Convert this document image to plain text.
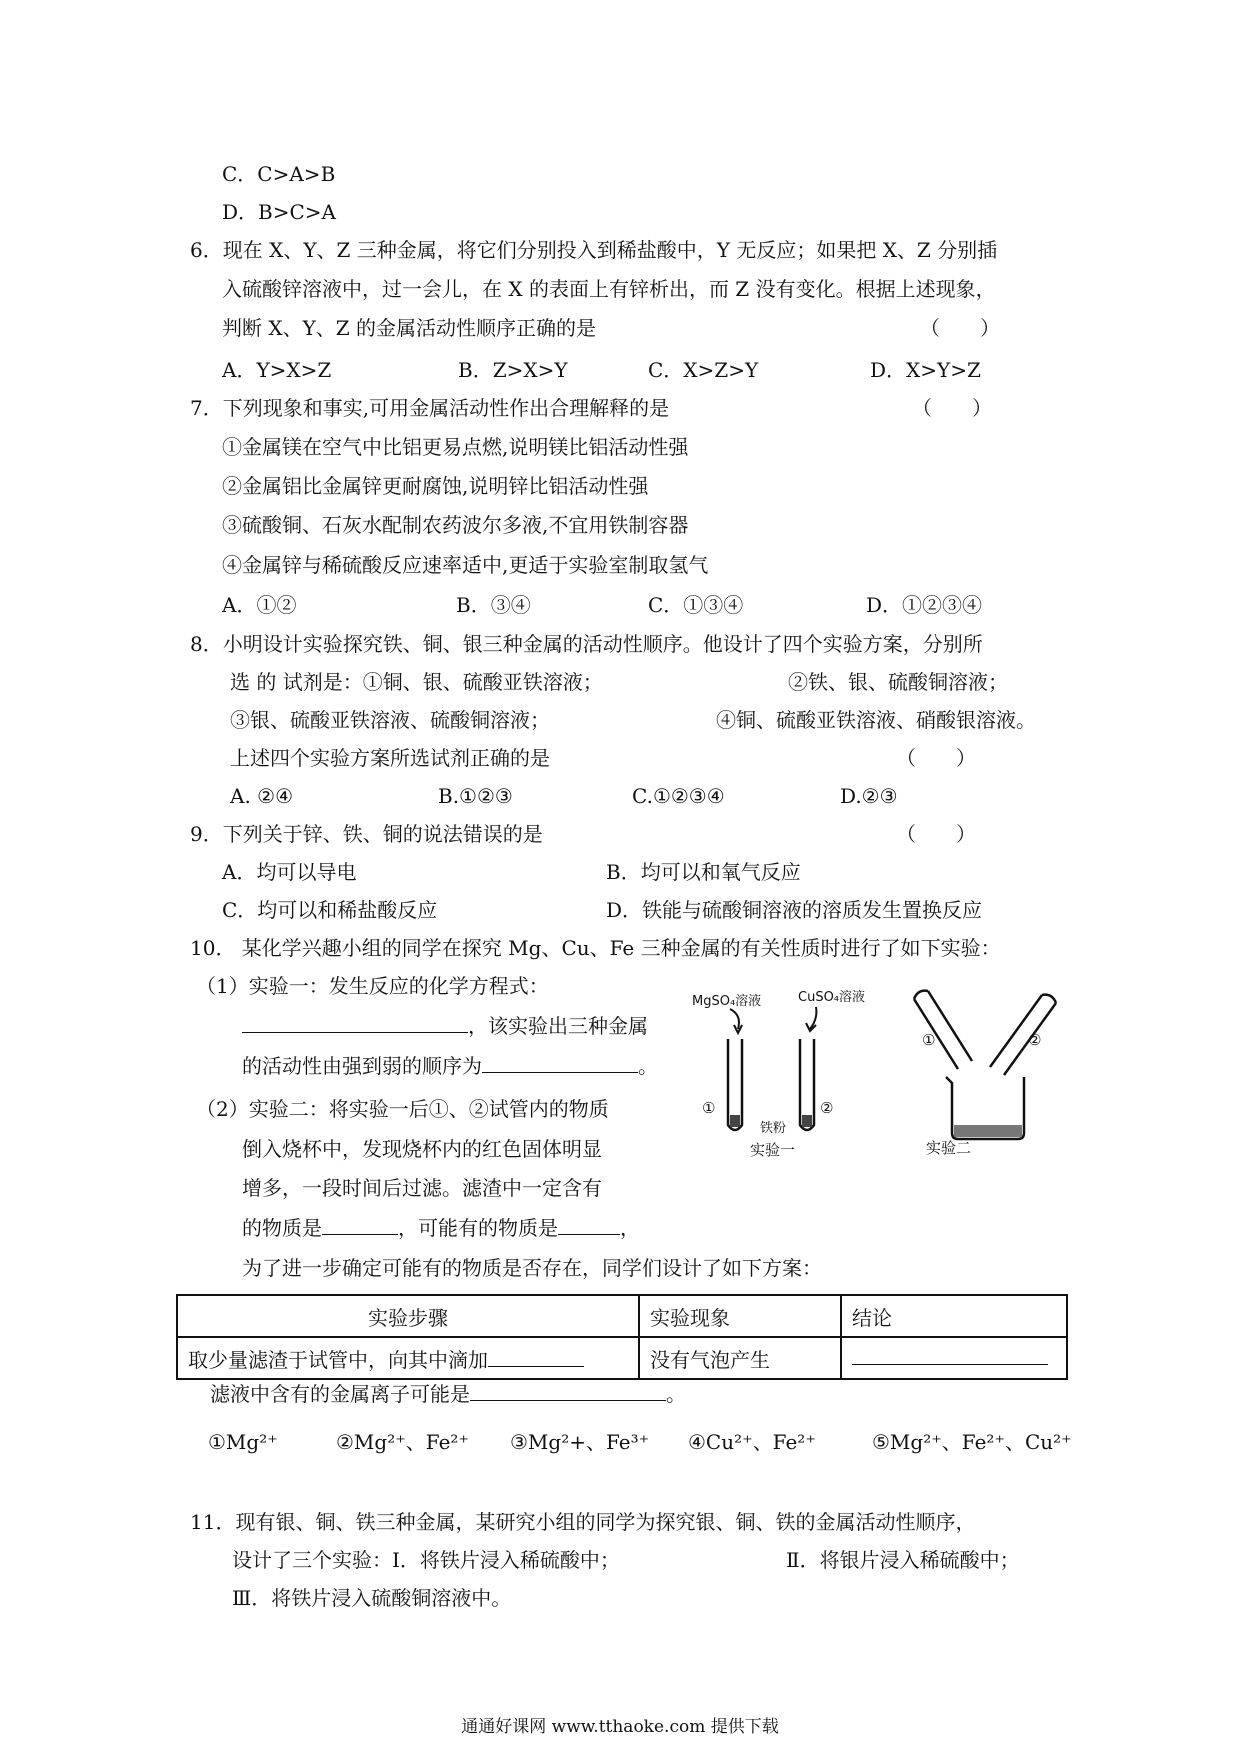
C．C>A>B
D．B>C>A
6．现在 X、Y、Z 三种金属，将它们分别投入到稀盐酸中，Y 无反应；如果把 X、Z 分别插
入硫酸锌溶液中，过一会儿，在 X 的表面上有锌析出，而 Z 没有变化。根据上述现象，
判断 X、Y、Z 的金属活动性顺序正确的是	（　　）
A．Y>X>Z	B．Z>X>Y	C．X>Z>Y	D．X>Y>Z
7．下列现象和事实,可用金属活动性作出合理解释的是	（　　）
①金属镁在空气中比铝更易点燃,说明镁比铝活动性强
②金属铝比金属锌更耐腐蚀,说明锌比铝活动性强
③硫酸铜、石灰水配制农药波尔多液,不宜用铁制容器
④金属锌与稀硫酸反应速率适中,更适于实验室制取氢气
A．①②	B．③④	C．①③④	D．①②③④
8．小明设计实验探究铁、铜、银三种金属的活动性顺序。他设计了四个实验方案，分别所
选 的 试剂是：①铜、银、硫酸亚铁溶液；	②铁、银、硫酸铜溶液；
③银、硫酸亚铁溶液、硫酸铜溶液；	④铜、硫酸亚铁溶液、硝酸银溶液。
上述四个实验方案所选试剂正确的是	（　　）
A. ②④	B.①②③	C.①②③④	D.②③
9．下列关于锌、铁、铜的说法错误的是	（　　）
A．均可以导电	B．均可以和氧气反应
C．均可以和稀盐酸反应	D．铁能与硫酸铜溶液的溶质发生置换反应
10． 某化学兴趣小组的同学在探究 Mg、Cu、Fe 三种金属的有关性质时进行了如下实验：
（1）实验一：发生反应的化学方程式：
，该实验出三种金属
的活动性由强到弱的顺序为	。
（2）实验二：将实验一后①、②试管内的物质
倒入烧杯中，发现烧杯内的红色固体明显
增多，一段时间后过滤。滤渣中一定含有
的物质是	，可能有的物质是	，
为了进一步确定可能有的物质是否存在，同学们设计了如下方案：
MgSO₄溶液	CuSO₄溶液
①	②
铁粉
实验一	实验二
①	②
实验步骤	实验现象	结论
取少量滤渣于试管中，向其中滴加	没有气泡产生	
滤液中含有的金属离子可能是	。
①Mg²⁺	②Mg²⁺、Fe²⁺ ③Mg²+、Fe³⁺ ④Cu²⁺、Fe²⁺	⑤Mg²⁺、Fe²⁺、Cu²⁺
11．现有银、铜、铁三种金属，某研究小组的同学为探究银、铜、铁的金属活动性顺序，
设计了三个实验：Ⅰ．将铁片浸入稀硫酸中；	Ⅱ．将银片浸入稀硫酸中；
Ⅲ．将铁片浸入硫酸铜溶液中。
通通好课网 www.tthaoke.com 提供下载
